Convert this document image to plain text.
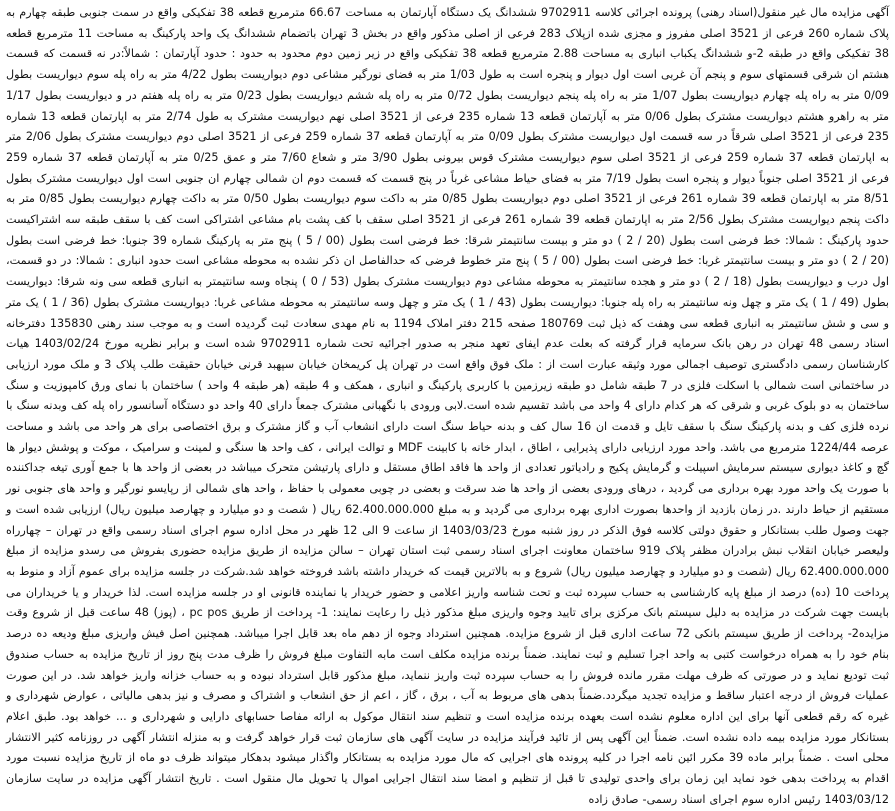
آگهی مزایده مال غیر منقول(اسناد رهنی) پرونده اجرائی کلاسه 9702911 ششدانگ یک دستگاه آپارتمان به مساحت 66.67 مترمربع قطعه 38 تفکیکی واقع در سمت جنوبی طبقه چهارم به پلاک شماره 260 فرعی از 3521 اصلی مفروز و مجزی شده ازپلاک 283 فرعی از اصلی مذکور واقع در بخش 3 تهران باتضمام ششدانگ یک واحد پارکینگ به مساحت 11 مترمربع قطعه 38 تفکیکی واقع در طبقه 2-و ششدانگ یکباب انباری به مساحت 2.88 مترمربع قطعه 38 تفکیکی واقع در زیر زمین دوم محدود به حدود : حدود آپارتمان : شمالاً:در نه قسمت که قسمت هشتم ان شرقی قسمتهای سوم و پنجم آن غربی است اول دیوار و پنجره است به طول 1/03 متر به فضای نورگیر مشاعی دوم دیواریست بطول 4/22 متر به راه پله سوم دیواریست بطول 0/09 متر به راه پله چهارم دیواریست بطول 1/07 متر به راه پله پنجم دیواریست بطول 0/72 متر به راه پله ششم دیواریست بطول 0/23 متر به راه پله هفتم در و دیواریست بطول 1/17 متر به راهرو هشتم دیواریست مشترک بطول 0/06 متر به آپارتمان قطعه 13 شماره 235 فرعی از 3521 اصلی نهم دیواریست مشترک به طول 2/74 متر به اپارتمان قطعه 13 شماره 235 فرعی از 3521 اصلی شرقاً در سه قسمت اول دیواریست مشترک بطول 0/09 متر به آپارتمان قطعه 37 شماره 259 فرعی از 3521 اصلی دوم دیواریست مشترک بطول 2/06 متر به اپارتمان قطعه 37 شماره 259 فرعی از 3521 اصلی سوم دیواریست مشترک قوس بیرونی بطول 3/90 متر و شعاع 7/60 متر و عمق 0/25 متر به آپارتمان قطعه 37 شماره 259 فرعی از 3521 اصلی جنوباً دیوار و پنجره است بطول 7/19 متر به فضای حیاط مشاعی غرباً در پنج قسمت که قسمت دوم ان شمالی چهارم ان جنوبی است اول دیواریست مشترک بطول 8/51 متر به اپارتمان قطعه 39 شماره 261 فرعی از 3521 اصلی دوم دیواریست بطول 0/85 متر به داکت سوم دیواریست بطول 0/50 متر به داکت چهارم دیواریست بطول 0/85 متر به داکت پنجم دیواریست مشترک بطول 2/56 متر به اپارتمان قطعه 39 شماره 261 فرعی از 3521 اصلی سقف با کف پشت بام مشاعی اشتراکی است کف با سقف طبقه سه اشتراکیست حدود پارکینگ : شمالا: خط فرضی است بطول (20 / 2 ) دو متر و بیست سانتیمتر شرقا: خط فرضی است بطول (00 / 5 ) پنج متر به پارکینگ شماره 39 جنوبا: خط فرضی است بطول (20 / 2 ) دو متر و بیست سانتیمتر غربا: خط فرضی است بطول (00 / 5 ) پنج متر خطوط فرضی که حدالفاصل ان ذکر نشده به محوطه مشاعی است حدود انباری : شمالا: در دو قسمت، اول درب و دیواریست بطول (18 / 2 ) دو متر و هجده سانتیمتر به محوطه مشاعی دوم دیواریست مشترک بطول (53 / 0 ) پنجاه وسه سانتیمتر به انباری قطعه سی ونه شرقا: دیواریست بطول (49 / 1 ) یک متر و چهل ونه سانتیمتر به راه پله جنوبا: دیواریست بطول (43 / 1 ) یک متر و چهل وسه سانتیمتر به محوطه مشاعی غربا: دیواریست مشترک بطول (36 / 1 ) یک متر و سی و شش سانتیمتر به انباری قطعه سی وهفت که ذیل ثبت 180769 صفحه 215 دفتر املاک 1194 به نام مهدی سعادت ثبت گردیده است و به موجب سند رهنی 135830 دفترخانه اسناد رسمی 48 تهران در رهن بانک سرمایه قرار گرفته که بعلت عدم ایفای تعهد منجر به صدور اجرائیه تحت شماره 9702911 شده است و برابر نظریه مورخ 1403/02/24 هیات کارشناسان رسمی دادگستری توصیف اجمالی مورد وثیقه عبارت است از : ملک فوق واقع است در تهران پل کریمخان خیابان سپهبد قرنی خیابان حقیقت طلب پلاک 3 و ملک مورد ارزیابی در ساختمانی است شمالی با اسکلت فلزی در 7 طبقه شامل دو طبقه زیرزمین با کاربری پارکینگ و انباری ، همکف و 4 طبقه (هر طبقه 4 واحد ) ساختمان با نمای ورق کامپوزیت و سنگ ساختمان به دو بلوک غربی و شرقی که هر کدام دارای 4 واحد می باشد تقسیم شده است.لابی ورودی با نگهبانی مشترک جمعاً دارای 40 واحد دو دستگاه آسانسور راه پله کف وبدنه سنگ با نرده فلزی کف و بدنه پارکینگ سنگ با سقف تایل و قدمت ان 16 سال کف و بدنه حیاط سنگ است دارای انشعاب آب و گاز مشترک و برق اختصاصی برای هر واحد می باشد و مساحت عرصه 1224/44 مترمربع می باشد. واحد مورد ارزیابی دارای پذیرایی ، اطاق ، ابدار خانه با کابینت MDF و توالت ایرانی ، کف واحد ها سنگی و لمینت و سرامیک ، موکت و پوشش دیوار ها گچ و کاغذ دیواری سیستم سرمایش اسپیلت و گرمایش پکیج و رادیاتور تعدادی از واحد ها فاقد اطاق مستقل و دارای پارتیشن متحرک میباشد در بعضی از واحد ها با جمع آوری تیغه جداکننده با صورت یک واحد مورد بهره برداری می گردید ، درهای ورودی بعضی از واحد ها ضد سرقت و بعضی در چوبی معمولی با حفاظ ، واحد های شمالی از رپایسو نورگیر و واحد های جنوبی نور مستقیم از حیاط دارند .در زمان بازدید از واحدها بصورت اداری بهره برداری می گردید و به مبلغ 62.400.000.000 ریال ( شصت و دو میلیارد و چهارصد میلیون ریال) ارزیابی شده است و جهت وصول طلب بستانکار و حقوق دولتی کلاسه فوق الذکر در روز شنبه مورخ 1403/03/23 از ساعت 9 الی 12 ظهر در محل اداره سوم اجرای اسناد رسمی واقع در تهران – چهارراه ولیعصر خیابان انقلاب نبش برادران مظفر پلاک 919 ساختمان معاونت اجرای اسناد رسمی ثبت استان تهران – سالن مزایده از طریق مزایده حضوری بفروش می رسدو مزایده از مبلغ 62.400.000.000 ریال (شصت و دو میلیارد و چهارصد میلیون ریال) شروع و به بالاترین قیمت که خریدار داشته باشد فروخته خواهد شد.شرکت در جلسه مزایده برای عموم آزاد و منوط به پرداخت 10 (ده) درصد از مبلغ پایه کارشناسی به حساب سپرده ثبت و تحت شناسه واریز اعلامی و حضور خریدار یا نماینده قانونی او در جلسه مزایده است. لذا خریدار و یا خریداران می بایست جهت شرکت در مزایده به دلیل سیستم بانک مرکزی برای تایید وجوه واریزی مبلغ مذکور ذیل را رعایت نمایند: 1- پرداخت از طریق pc pos ، (پوز) 48 ساعت قبل از شروع وقت مزایده2- پرداخت از طریق سیستم بانکی 72 ساعت اداری قبل از شروع مزایده. همچنین استرداد وجوه از دهم ماه بعد قابل اجرا میباشد. همچنین اصل فیش واریزی مبلغ ودیعه ده درصد بنام خود را به همراه درخواست کتبی به واحد اجرا تسلیم و ثبت نمایند. ضمناً برنده مزایده مکلف است مابه التفاوت مبلغ فروش را ظرف مدت پنج روز از تاریخ مزایده به حساب صندوق ثبت تودیع نماید و در صورتی که ظرف مهلت مقرر مانده فروش را به حساب سپرده ثبت واریز ننماید، مبلغ مذکور قابل استرداد نبوده و به حساب خزانه واریز خواهد شد. در این صورت عملیات فروش از درجه اعتبار ساقط و مزایده تجدید میگردد.ضمناً بدهی های مربوط به آب ، برق ، گاز ، اعم از حق انشعاب و اشتراک و مصرف و نیز بدهی مالیاتی ، عوارض شهرداری و غیره که رقم قطعی آنها برای این اداره معلوم نشده است بعهده برنده مزایده است و تنظیم سند انتقال موکول به ارائه مفاصا حسابهای دارایی و شهرداری و ... خواهد بود. طبق اعلام بستانکار مورد مزایده بیمه داده نشده است. ضمناً این آگهی پس از تائید فرآیند مزایده در سایت آگهی های سازمان ثبت قرار خواهد گرفت و به منزله انتشار آگهی در روزنامه کثیر الانتشار محلی است . ضمناً برابر ماده 39 مکرر ائین نامه اجرا در کلیه پرونده های اجرایی که مال مورد مزایده به بستانکار واگذار میشود بدهکار میتواند ظرف دو ماه از تاریخ مزایده نسبت مورد اقدام به پرداخت بدهی خود نماید این زمان برای واحدی تولیدی تا قبل از تنظیم و امضا سند انتقال اجرایی اموال یا تحویل مال منقول است . تاریخ انتشار آگهی مزایده در سایت سازمان 1403/03/12 رئیس اداره سوم اجرای اسناد رسمی- صادق زاده
